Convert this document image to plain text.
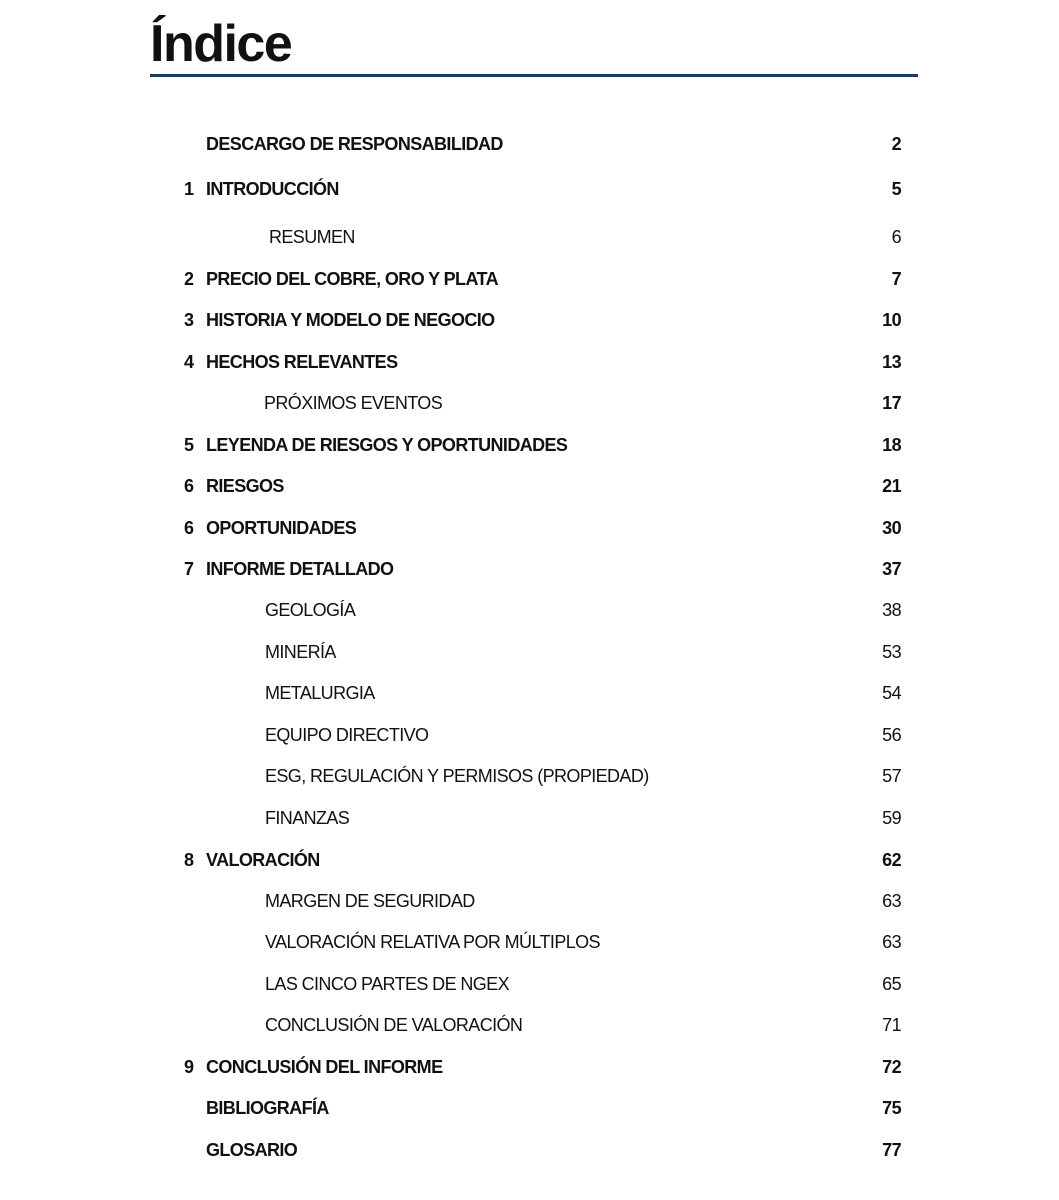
Índice
DESCARGO DE RESPONSABILIDAD	2
1 INTRODUCCIÓN	5
RESUMEN	6
2 PRECIO DEL COBRE, ORO Y PLATA	7
3 HISTORIA Y MODELO DE NEGOCIO	10
4 HECHOS RELEVANTES	13
PRÓXIMOS EVENTOS	17
5 LEYENDA DE RIESGOS Y OPORTUNIDADES	18
6 RIESGOS	21
6 OPORTUNIDADES	30
7 INFORME DETALLADO	37
GEOLOGÍA	38
MINERÍA	53
METALURGIA	54
EQUIPO DIRECTIVO	56
ESG, REGULACIÓN Y PERMISOS (PROPIEDAD)	57
FINANZAS	59
8 VALORACIÓN	62
MARGEN DE SEGURIDAD	63
VALORACIÓN RELATIVA POR MÚLTIPLOS	63
LAS CINCO PARTES DE NGEX	65
CONCLUSIÓN DE VALORACIÓN	71
9 CONCLUSIÓN DEL INFORME	72
BIBLIOGRAFÍA	75
GLOSARIO	77
